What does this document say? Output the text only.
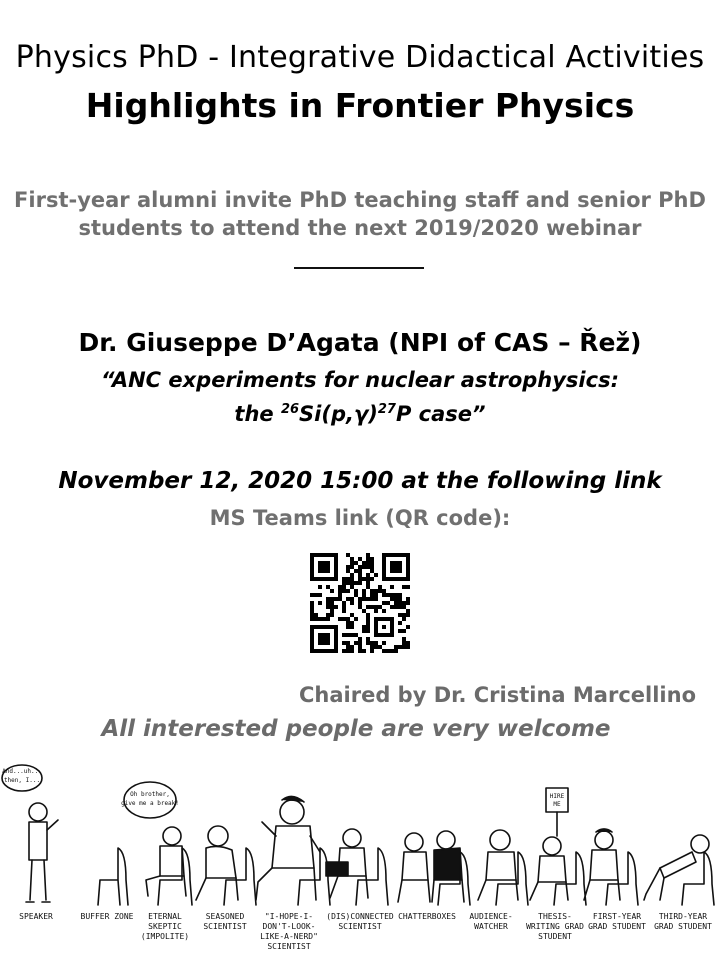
Physics PhD - Integrative Didactical Activities
Highlights in Frontier Physics
First-year alumni invite PhD teaching staff and senior PhD
students to attend the next 2019/2020 webinar
Dr. Giuseppe D’Agata (NPI of CAS – Řež)
“ANC experiments for nuclear astrophysics:
the $^{26}Si(p,\gamma)^{27}P$ case”
November 12, 2020 15:00 at the following link
MS Teams link (QR code):
Chaired by Dr. Cristina Marcellino
All interested people are very welcome
And...uh...
then, I...
Oh brother,
give me a break!
HIRE
ME
SPEAKER	BUFFER ZONE	ETERNAL SKEPTIC (IMPOLITE)
SEASONED SCIENTIST
"I-HOPE-I-DON'T-LOOK-LIKE-A-NERD" SCIENTIST
(DIS)CONNECTED SCIENTIST
CHATTERBOXES	AUDIENCE-WATCHER
THESIS-WRITING GRAD STUDENT
FIRST-YEAR GRAD STUDENT
THIRD-YEAR GRAD STUDENT
